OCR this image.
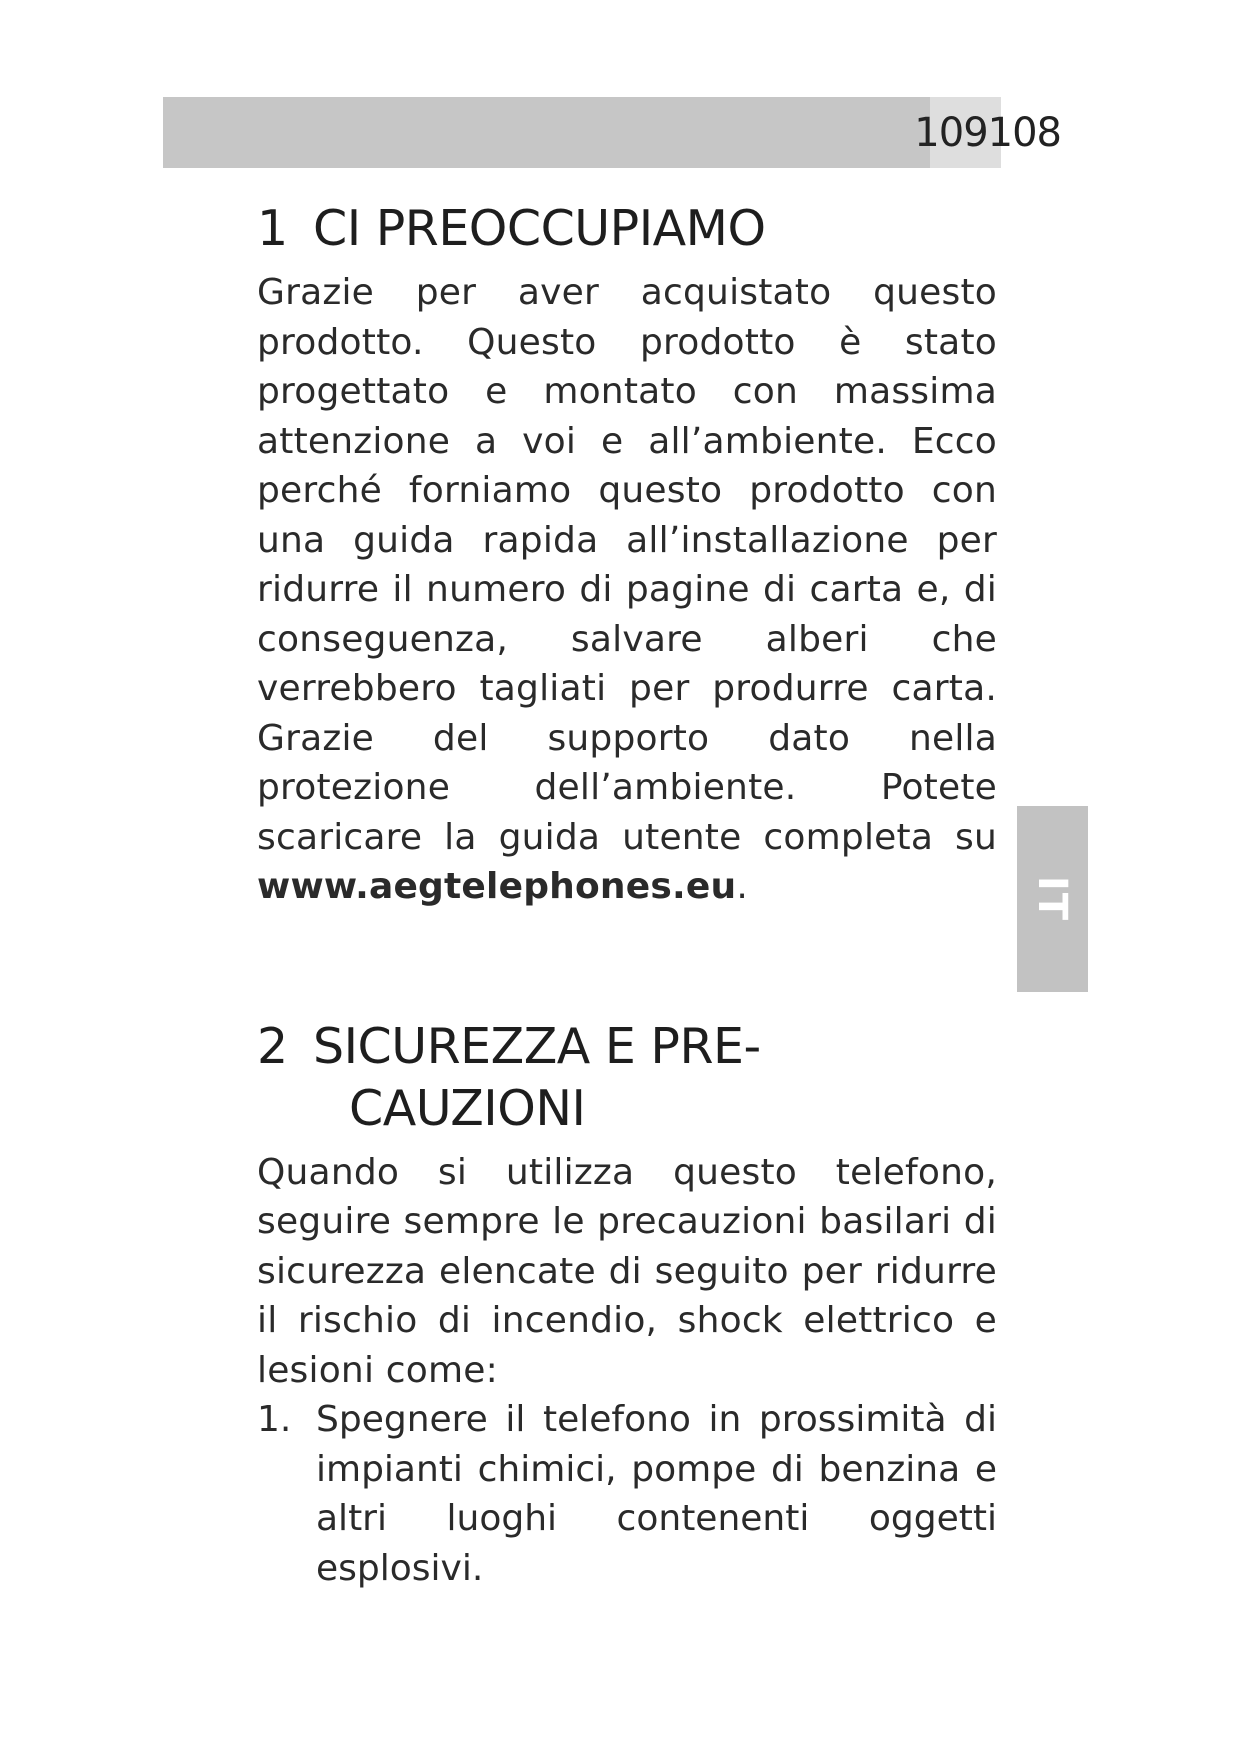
109108
IT
1 CI PREOCCUPIAMO

Grazie per aver acquistato questo prodotto. Questo prodotto è stato progettato e montato con massima attenzione a voi e all’ambiente. Ecco perché forniamo questo prodotto con una guida rapida all’installazione per ridurre il numero di pagine di carta e, di conseguenza, salvare alberi che verrebbero tagliati per produrre carta. Grazie del supporto dato nella protezione dell’ambiente. Potete scaricare la guida utente completa su www.aegtelephones.eu.

2 SICUREZZA E PRE-
CAUZIONI

Quando si utilizza questo telefono, seguire sempre le precauzioni basilari di sicurezza elencate di seguito per ridurre il rischio di incendio, shock elettrico e lesioni come:

1. Spegnere il telefono in prossimità di impianti chimici, pompe di benzina e altri luoghi contenenti oggetti esplosivi.
